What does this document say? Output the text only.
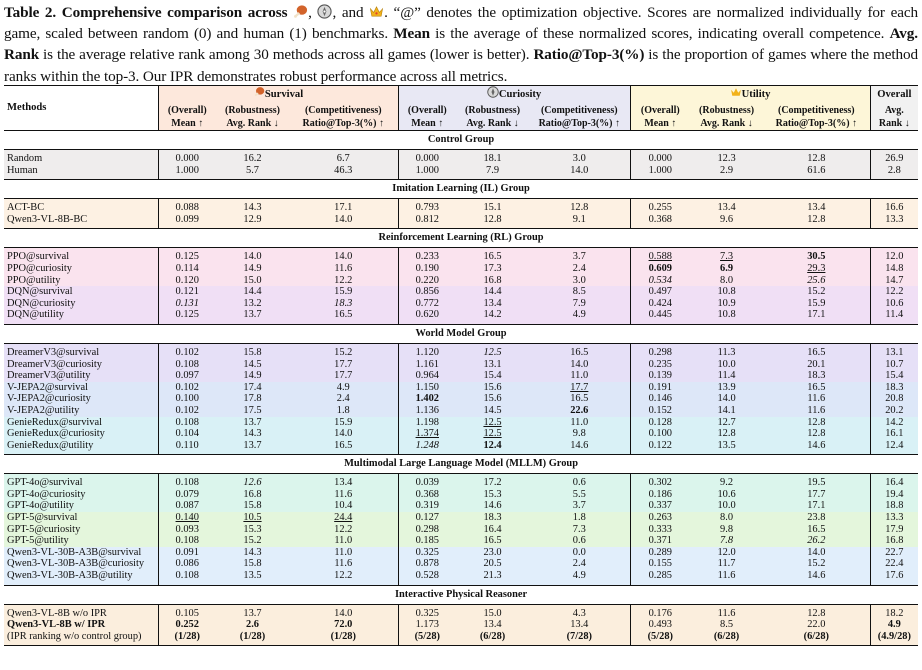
Table 2. Comprehensive comparison across , , and . “@” denotes the optimization objective. Scores are normalized individually for each game, scaled between random (0) and human (1) benchmarks. Mean is the average of these normalized scores, indicating overall competence. Avg. Rank is the average relative rank among 30 methods across all games (lower is better). Ratio@Top-3(%) is the proportion of games where the method ranks within the top-3. Our IPR demonstrates robust performance across all metrics.
Methods	Survival			Curiosity			Utility			Overall
	(Overall)	(Robustness)	(Competitiveness)	(Overall)	(Robustness)	(Competitiveness)	(Overall)	(Robustness)	(Competitiveness)	Avg.
	Mean ↑	Avg. Rank ↓	Ratio@Top-3(%) ↑	Mean ↑	Avg. Rank ↓	Ratio@Top-3(%) ↑	Mean ↑	Avg. Rank ↓	Ratio@Top-3(%) ↑	Rank ↓
Control Group										
Random	0.000	16.2	6.7	0.000	18.1	3.0	0.000	12.3	12.8	26.9
Human	1.000	5.7	46.3	1.000	7.9	14.0	1.000	2.9	61.6	2.8
Imitation Learning (IL) Group										
ACT-BC	0.088	14.3	17.1	0.793	15.1	12.8	0.255	13.4	13.4	16.6
Qwen3-VL-8B-BC	0.099	12.9	14.0	0.812	12.8	9.1	0.368	9.6	12.8	13.3
Reinforcement Learning (RL) Group										
PPO@survival	0.125	14.0	14.0	0.233	16.5	3.7	0.588	7.3	30.5	12.0
PPO@curiosity	0.114	14.9	11.6	0.190	17.3	2.4	0.609	6.9	29.3	14.8
PPO@utility	0.120	15.0	12.2	0.220	16.8	3.0	0.534	8.0	25.6	14.7
DQN@survival	0.121	14.4	15.9	0.856	14.4	8.5	0.497	10.8	15.2	12.2
DQN@curiosity	0.131	13.2	18.3	0.772	13.4	7.9	0.424	10.9	15.9	10.6
DQN@utility	0.125	13.7	16.5	0.620	14.2	4.9	0.445	10.8	17.1	11.4
World Model Group										
DreamerV3@survival	0.102	15.8	15.2	1.120	12.5	16.5	0.298	11.3	16.5	13.1
DreamerV3@curiosity	0.108	14.5	17.7	1.161	13.1	14.0	0.235	10.0	20.1	10.7
DreamerV3@utility	0.097	14.9	17.7	0.964	15.4	11.0	0.139	11.4	18.3	15.4
V-JEPA2@survival	0.102	17.4	4.9	1.150	15.6	17.7	0.191	13.9	16.5	18.3
V-JEPA2@curiosity	0.100	17.8	2.4	1.402	15.6	16.5	0.146	14.0	11.6	20.8
V-JEPA2@utility	0.102	17.5	1.8	1.136	14.5	22.6	0.152	14.1	11.6	20.2
GenieRedux@survival	0.108	13.7	15.9	1.198	12.5	11.0	0.128	12.7	12.8	14.2
GenieRedux@curiosity	0.104	14.3	14.0	1.374	12.5	9.8	0.100	12.8	12.8	16.1
GenieRedux@utility	0.110	13.7	16.5	1.248	12.4	14.6	0.122	13.5	14.6	12.4
Multimodal Large Language Model (MLLM) Group										
GPT-4o@survival	0.108	12.6	13.4	0.039	17.2	0.6	0.302	9.2	19.5	16.4
GPT-4o@curiosity	0.079	16.8	11.6	0.368	15.3	5.5	0.186	10.6	17.7	19.4
GPT-4o@utility	0.087	15.8	10.4	0.319	14.6	3.7	0.337	10.0	17.1	18.8
GPT-5@survival	0.140	10.5	24.4	0.127	18.3	1.8	0.263	8.0	23.8	13.3
GPT-5@curiosity	0.093	15.3	12.2	0.298	16.4	7.3	0.333	9.8	16.5	17.9
GPT-5@utility	0.108	15.2	11.0	0.185	16.5	0.6	0.371	7.8	26.2	16.8
Qwen3-VL-30B-A3B@survival	0.091	14.3	11.0	0.325	23.0	0.0	0.289	12.0	14.0	22.7
Qwen3-VL-30B-A3B@curiosity	0.086	15.8	11.6	0.878	20.5	2.4	0.155	11.7	15.2	22.4
Qwen3-VL-30B-A3B@utility	0.108	13.5	12.2	0.528	21.3	4.9	0.285	11.6	14.6	17.6
Interactive Physical Reasoner										
Qwen3-VL-8B w/o IPR	0.105	13.7	14.0	0.325	15.0	4.3	0.176	11.6	12.8	18.2
Qwen3-VL-8B w/ IPR	0.252	2.6	72.0	1.173	13.4	13.4	0.493	8.5	22.0	4.9
(IPR ranking w/o control group)	(1/28)	(1/28)	(1/28)	(5/28)	(6/28)	(7/28)	(5/28)	(6/28)	(6/28)	(4.9/28)
